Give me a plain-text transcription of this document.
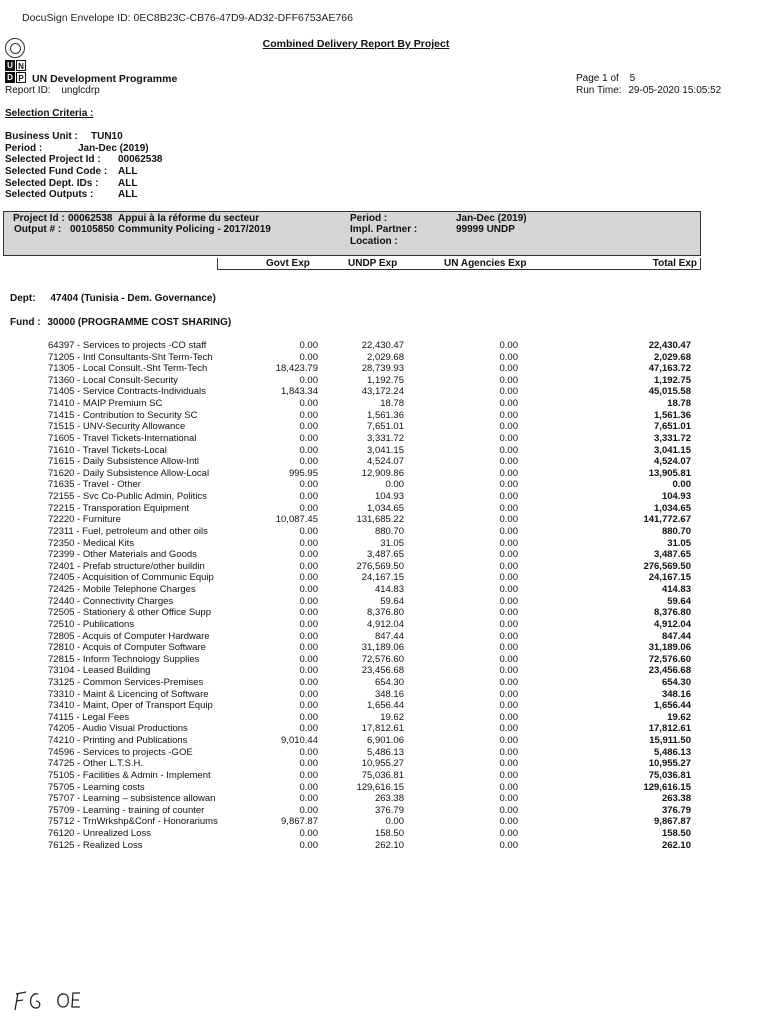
DocuSign Envelope ID: 0EC8B23C-CB76-47D9-AD32-DFF6753AE766
Combined Delivery Report By Project
U N
D P UN Development Programme
Report ID: unglcdrp
Page 1 of 5
Run Time: 29-05-2020 15:05:52
Selection Criteria :
Business Unit : TUN10
Period :	Jan-Dec (2019)
Selected Project Id : 00062538
Selected Fund Code : ALL
Selected Dept. IDs : ALL
Selected Outputs : ALL
Project Id : 00062538 Appui à la réforme du secteur
Output # : 00105850 Community Policing - 2017/2019
Period :	Jan-Dec (2019)
Impl. Partner :	99999 UNDP
Location :
Govt Exp	UNDP Exp	UN Agencies Exp	Total Exp
Dept: 47404 (Tunisia - Dem. Governance)
Fund : 30000 (PROGRAMME COST SHARING)
64397 - Services to projects -CO staff	0.00	22,430.47	0.00	22,430.47
71205 - Intl Consultants-Sht Term-Tech	0.00	2,029.68	0.00	2,029.68
71305 - Local Consult.-Sht Term-Tech	18,423.79	28,739.93	0.00	47,163.72
71360 - Local Consult-Security	0.00	1,192.75	0.00	1,192.75
71405 - Service Contracts-Individuals	1,843.34	43,172.24	0.00	45,015.58
71410 - MAIP Premium SC	0.00	18.78	0.00	18.78
71415 - Contribution to Security SC	0.00	1,561.36	0.00	1,561.36
71515 - UNV-Security Allowance	0.00	7,651.01	0.00	7,651.01
71605 - Travel Tickets-International	0.00	3,331.72	0.00	3,331.72
71610 - Travel Tickets-Local	0.00	3,041.15	0.00	3,041.15
71615 - Daily Subsistence Allow-Intl	0.00	4,524.07	0.00	4,524.07
71620 - Daily Subsistence Allow-Local	995.95	12,909.86	0.00	13,905.81
71635 - Travel - Other	0.00	0.00	0.00	0.00
72155 - Svc Co-Public Admin, Politics	0.00	104.93	0.00	104.93
72215 - Transporation Equipment	0.00	1,034.65	0.00	1,034.65
72220 - Furniture	10,087.45	131,685.22	0.00	141,772.67
72311 - Fuel, petroleum and other oils	0.00	880.70	0.00	880.70
72350 - Medical Kits	0.00	31.05	0.00	31.05
72399 - Other Materials and Goods	0.00	3,487.65	0.00	3,487.65
72401 - Prefab structure/other buildin	0.00	276,569.50	0.00	276,569.50
72405 - Acquisition of Communic Equip	0.00	24,167.15	0.00	24,167.15
72425 - Mobile Telephone Charges	0.00	414.83	0.00	414.83
72440 - Connectivity Charges	0.00	59.64	0.00	59.64
72505 - Stationery & other Office Supp	0.00	8,376.80	0.00	8,376.80
72510 - Publications	0.00	4,912.04	0.00	4,912.04
72805 - Acquis of Computer Hardware	0.00	847.44	0.00	847.44
72810 - Acquis of Computer Software	0.00	31,189.06	0.00	31,189.06
72815 - Inform Technology Supplies	0.00	72,576.60	0.00	72,576.60
73104 - Leased Building	0.00	23,456.68	0.00	23,456.68
73125 - Common Services-Premises	0.00	654.30	0.00	654.30
73310 - Maint & Licencing of Software	0.00	348.16	0.00	348.16
73410 - Maint, Oper of Transport Equip	0.00	1,656.44	0.00	1,656.44
74115 - Legal Fees	0.00	19.62	0.00	19.62
74205 - Audio Visual Productions	0.00	17,812.61	0.00	17,812.61
74210 - Printing and Publications	9,010.44	6,901.06	0.00	15,911.50
74596 - Services to projects -GOE	0.00	5,486.13	0.00	5,486.13
74725 - Other L.T.S.H.	0.00	10,955.27	0.00	10,955.27
75105 - Facilities & Admin - Implement	0.00	75,036.81	0.00	75,036.81
75705 - Learning costs	0.00	129,616.15	0.00	129,616.15
75707 - Learning – subsistence allowan	0.00	263.38	0.00	263.38
75709 - Learning - training of counter	0.00	376.79	0.00	376.79
75712 - TrnWrkshp&Conf - Honorariums	9,867.87	0.00	0.00	9,867.87
76120 - Unrealized Loss	0.00	158.50	0.00	158.50
76125 - Realized Loss	0.00	262.10	0.00	262.10
